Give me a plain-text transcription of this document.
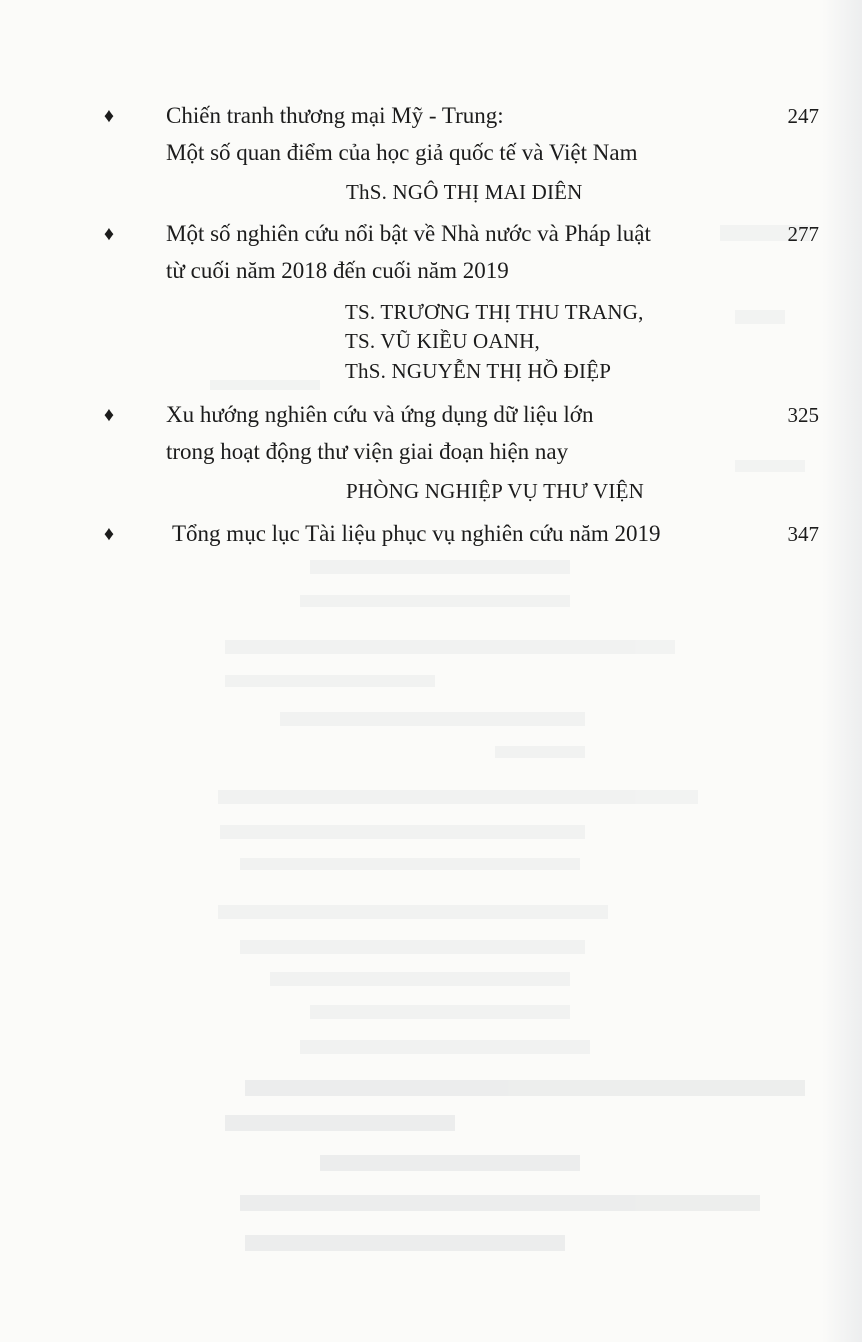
♦ Chiến tranh thương mại Mỹ - Trung:	247
Một số quan điểm của học giả quốc tế và Việt Nam
ThS. NGÔ THỊ MAI DIÊN
♦ Một số nghiên cứu nổi bật về Nhà nước và Pháp luật	277
từ cuối năm 2018 đến cuối năm 2019
TS. TRƯƠNG THỊ THU TRANG,
TS. VŨ KIỀU OANH,
ThS. NGUYỄN THỊ HỒ ĐIỆP
♦ Xu hướng nghiên cứu và ứng dụng dữ liệu lớn	325
trong hoạt động thư viện giai đoạn hiện nay
PHÒNG NGHIỆP VỤ THƯ VIỆN
♦	Tổng mục lục Tài liệu phục vụ nghiên cứu năm 2019	347
